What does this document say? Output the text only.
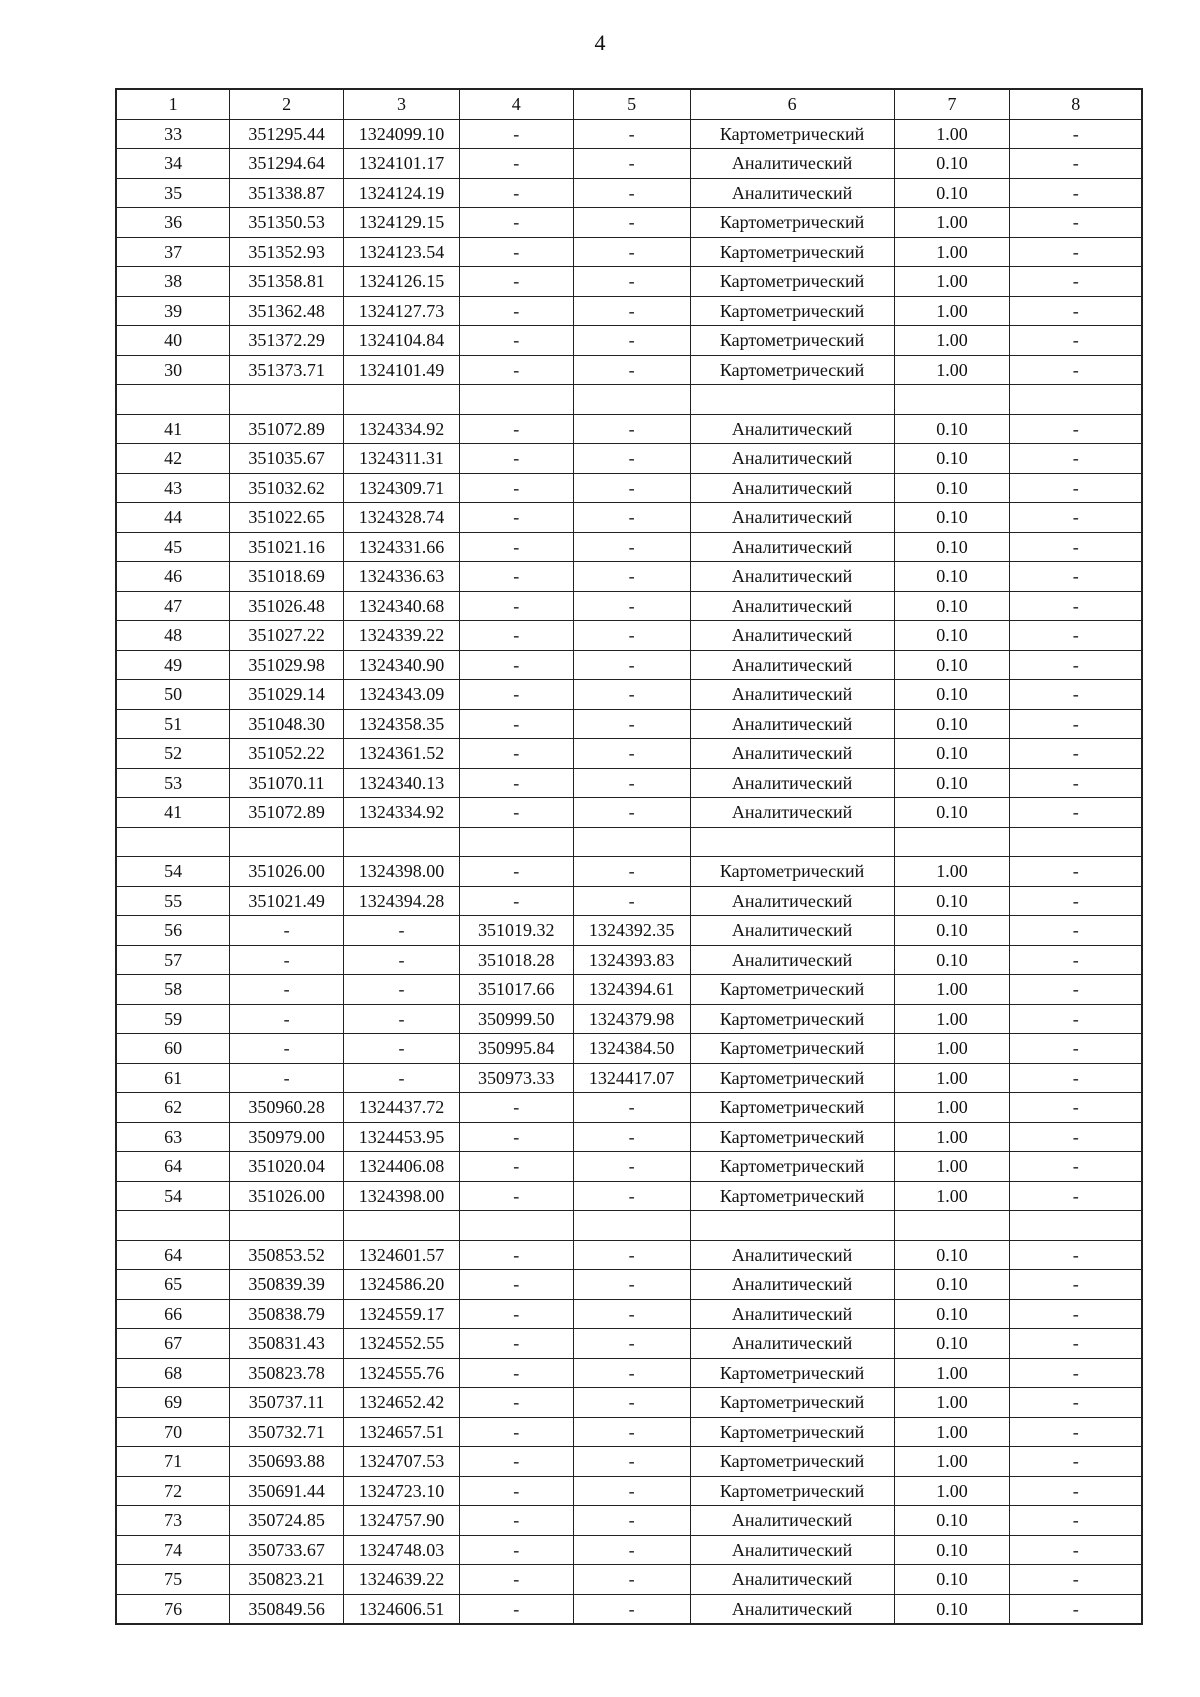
4
1	2	3	4	5	6	7	8
33	351295.44	1324099.10	-	-	Картометрический	1.00	-
34	351294.64	1324101.17	-	-	Аналитический	0.10	-
35	351338.87	1324124.19	-	-	Аналитический	0.10	-
36	351350.53	1324129.15	-	-	Картометрический	1.00	-
37	351352.93	1324123.54	-	-	Картометрический	1.00	-
38	351358.81	1324126.15	-	-	Картометрический	1.00	-
39	351362.48	1324127.73	-	-	Картометрический	1.00	-
40	351372.29	1324104.84	-	-	Картометрический	1.00	-
30	351373.71	1324101.49	-	-	Картометрический	1.00	-

41	351072.89	1324334.92	-	-	Аналитический	0.10	-
42	351035.67	1324311.31	-	-	Аналитический	0.10	-
43	351032.62	1324309.71	-	-	Аналитический	0.10	-
44	351022.65	1324328.74	-	-	Аналитический	0.10	-
45	351021.16	1324331.66	-	-	Аналитический	0.10	-
46	351018.69	1324336.63	-	-	Аналитический	0.10	-
47	351026.48	1324340.68	-	-	Аналитический	0.10	-
48	351027.22	1324339.22	-	-	Аналитический	0.10	-
49	351029.98	1324340.90	-	-	Аналитический	0.10	-
50	351029.14	1324343.09	-	-	Аналитический	0.10	-
51	351048.30	1324358.35	-	-	Аналитический	0.10	-
52	351052.22	1324361.52	-	-	Аналитический	0.10	-
53	351070.11	1324340.13	-	-	Аналитический	0.10	-
41	351072.89	1324334.92	-	-	Аналитический	0.10	-

54	351026.00	1324398.00	-	-	Картометрический	1.00	-
55	351021.49	1324394.28	-	-	Аналитический	0.10	-
56	-	-	351019.32	1324392.35	Аналитический	0.10	-
57	-	-	351018.28	1324393.83	Аналитический	0.10	-
58	-	-	351017.66	1324394.61	Картометрический	1.00	-
59	-	-	350999.50	1324379.98	Картометрический	1.00	-
60	-	-	350995.84	1324384.50	Картометрический	1.00	-
61	-	-	350973.33	1324417.07	Картометрический	1.00	-
62	350960.28	1324437.72	-	-	Картометрический	1.00	-
63	350979.00	1324453.95	-	-	Картометрический	1.00	-
64	351020.04	1324406.08	-	-	Картометрический	1.00	-
54	351026.00	1324398.00	-	-	Картометрический	1.00	-

64	350853.52	1324601.57	-	-	Аналитический	0.10	-
65	350839.39	1324586.20	-	-	Аналитический	0.10	-
66	350838.79	1324559.17	-	-	Аналитический	0.10	-
67	350831.43	1324552.55	-	-	Аналитический	0.10	-
68	350823.78	1324555.76	-	-	Картометрический	1.00	-
69	350737.11	1324652.42	-	-	Картометрический	1.00	-
70	350732.71	1324657.51	-	-	Картометрический	1.00	-
71	350693.88	1324707.53	-	-	Картометрический	1.00	-
72	350691.44	1324723.10	-	-	Картометрический	1.00	-
73	350724.85	1324757.90	-	-	Аналитический	0.10	-
74	350733.67	1324748.03	-	-	Аналитический	0.10	-
75	350823.21	1324639.22	-	-	Аналитический	0.10	-
76	350849.56	1324606.51	-	-	Аналитический	0.10	-
